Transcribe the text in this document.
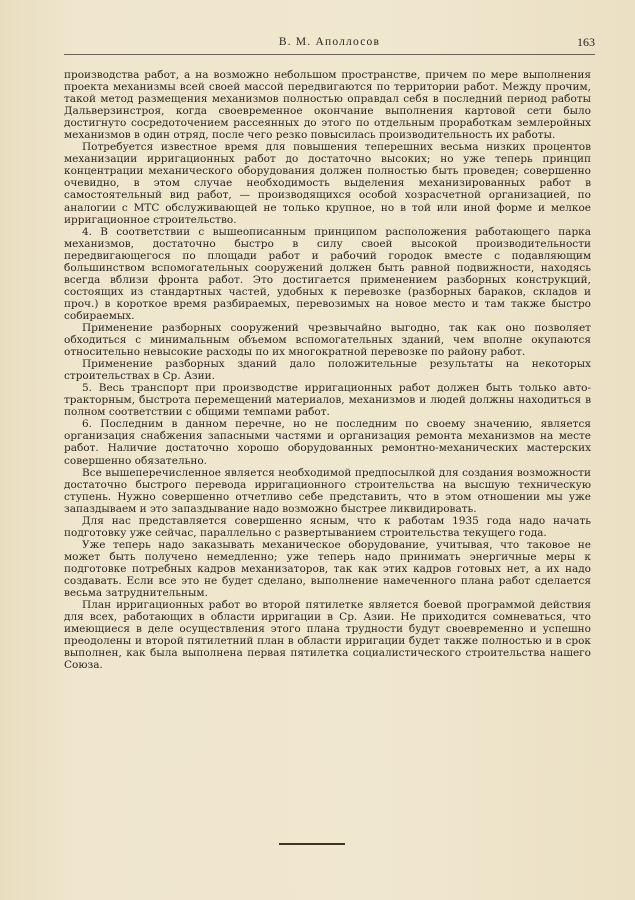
В. М. Аполлосов	163

производства работ, а на возможно небольшом пространстве, причем по мере выполнения проекта механизмы всей своей массой передвигаются по территории работ. Между прочим, такой метод размещения механизмов полностью оправдал себя в последний период работы Дальверзинстроя, когда своевременное окончание выполнения картовой сети было достигнуто сосредоточением рассеянных до этого по отдельным проработкам землеройных механизмов в один отряд, после чего резко повысилась производительность их работы.

Потребуется известное время для повышения теперешних весьма низких процентов механизации ирригационных работ до достаточно высоких; но уже теперь принцип концентрации механического оборудования должен полностью быть проведен; совершенно очевидно, в этом случае необходимость выделения механизированных работ в самостоятельный вид работ, — производящихся особой хозрасчетной организацией, по аналогии с МТС обслуживающей не только крупное, но в той или иной форме и мелкое ирригационное строительство.

4. В соответствии с вышеописанным принципом расположения работающего парка механизмов, достаточно быстро в силу своей высокой производительности передвигающегося по площади работ и рабочий городок вместе с подавляющим большинством вспомогательных сооружений должен быть равной подвижности, находясь всегда вблизи фронта работ. Это достигается применением разборных конструкций, состоящих из стандартных частей, удобных к перевозке (разборных бараков, складов и проч.) в короткое время разбираемых, перевозимых на новое место и там также быстро собираемых.

Применение разборных сооружений чрезвычайно выгодно, так как оно позволяет обходиться с минимальным объемом вспомогательных зданий, чем вполне окупаются относительно невысокие расходы по их многократной перевозке по району работ.

Применение разборных зданий дало положительные результаты на некоторых строительствах в Ср. Азии.

5. Весь транспорт при производстве ирригационных работ должен быть только авто-тракторным, быстрота перемещений материалов, механизмов и людей должны находиться в полном соответствии с общими темпами работ.

6. Последним в данном перечне, но не последним по своему значению, является организация снабжения запасными частями и организация ремонта механизмов на месте работ. Наличие достаточно хорошо оборудованных ремонтно-механических мастерских совершенно обязательно.

Все вышеперечисленное является необходимой предпосылкой для создания возможности достаточно быстрого перевода ирригационного строительства на высшую техническую ступень. Нужно совершенно отчетливо себе представить, что в этом отношении мы уже запаздываем и это запаздывание надо возможно быстрее ликвидировать.

Для нас представляется совершенно ясным, что к работам 1935 года надо начать подготовку уже сейчас, параллельно с развертыванием строительства текущего года.

Уже теперь надо заказывать механическое оборудование, учитывая, что таковое не может быть получено немедленно; уже теперь надо принимать энергичные меры к подготовке потребных кадров механизаторов, так как этих кадров готовых нет, а их надо создавать. Если все это не будет сделано, выполнение намеченного плана работ сделается весьма затруднительным.

План ирригационных работ во второй пятилетке является боевой программой действия для всех, работающих в области ирригации в Ср. Азии. Не приходится сомневаться, что имеющиеся в деле осуществления этого плана трудности будут своевременно и успешно преодолены и второй пятилетний план в области ирригации будет также полностью и в срок выполнен, как была выполнена первая пятилетка социалистического строительства нашего Союза.
